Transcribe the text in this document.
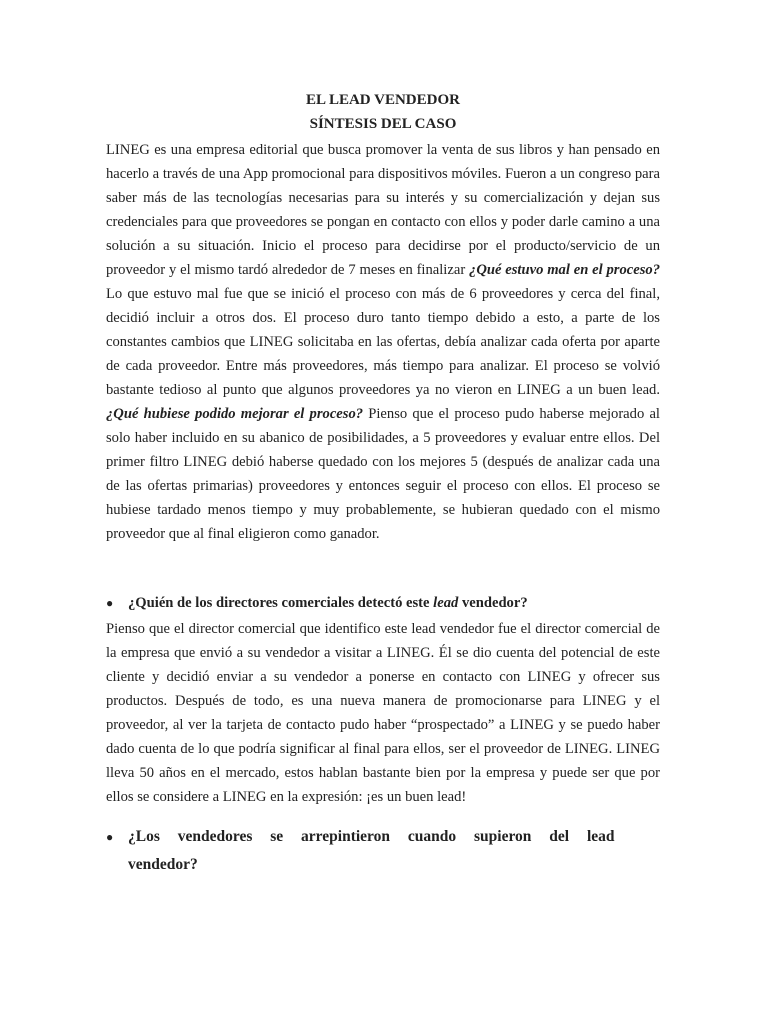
EL LEAD VENDEDOR

SÍNTESIS DEL CASO

LINEG es una empresa editorial que busca promover la venta de sus libros y han pensado en hacerlo a través de una App promocional para dispositivos móviles. Fueron a un congreso para saber más de las tecnologías necesarias para su interés y su comercialización y dejan sus credenciales para que proveedores se pongan en contacto con ellos y poder darle camino a una solución a su situación. Inicio el proceso para decidirse por el producto/servicio de un proveedor y el mismo tardó alrededor de 7 meses en finalizar ¿Qué estuvo mal en el proceso? Lo que estuvo mal fue que se inició el proceso con más de 6 proveedores y cerca del final, decidió incluir a otros dos. El proceso duro tanto tiempo debido a esto, a parte de los constantes cambios que LINEG solicitaba en las ofertas, debía analizar cada oferta por aparte de cada proveedor. Entre más proveedores, más tiempo para analizar. El proceso se volvió bastante tedioso al punto que algunos proveedores ya no vieron en LINEG a un buen lead. ¿Qué hubiese podido mejorar el proceso? Pienso que el proceso pudo haberse mejorado al solo haber incluido en su abanico de posibilidades, a 5 proveedores y evaluar entre ellos. Del primer filtro LINEG debió haberse quedado con los mejores 5 (después de analizar cada una de las ofertas primarias) proveedores y entonces seguir el proceso con ellos. El proceso se hubiese tardado menos tiempo y muy probablemente, se hubieran quedado con el mismo proveedor que al final eligieron como ganador.

●	¿Quién de los directores comerciales detectó este lead vendedor?

Pienso que el director comercial que identifico este lead vendedor fue el director comercial de la empresa que envió a su vendedor a visitar a LINEG. Él se dio cuenta del potencial de este cliente y decidió enviar a su vendedor a ponerse en contacto con LINEG y ofrecer sus productos. Después de todo, es una nueva manera de promocionarse para LINEG y el proveedor, al ver la tarjeta de contacto pudo haber “prospectado” a LINEG y se puedo haber dado cuenta de lo que podría significar al final para ellos, ser el proveedor de LINEG. LINEG lleva 50 años en el mercado, estos hablan bastante bien por la empresa y puede ser que por ellos se considere a LINEG en la expresión: ¡es un buen lead!

● ¿Los vendedores se arrepintieron cuando supieron del lead
vendedor?
